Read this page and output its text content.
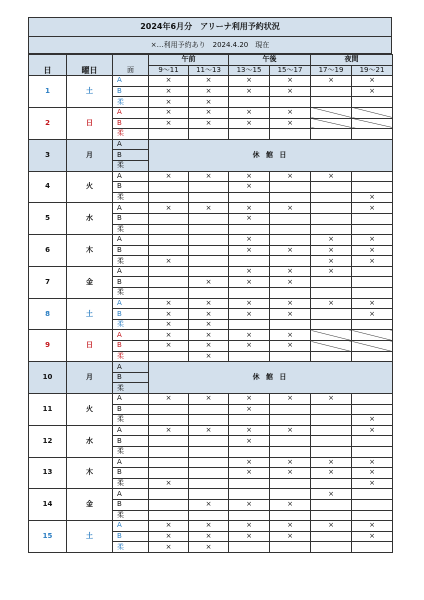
2024年6月分　アリーナ利用予約状況
×…利用予約あり　2024.4.20　現在
			午前		午後		夜間	
日	曜日	面	9～11	11～13	13～15	15～17	17～19	19～21
1	土	A	×	×	×	×	×	×
		B	×	×	×	×		×
		柔	×	×				
2	日	A	×	×	×	×		
		B	×	×	×	×		
		柔						
3	月	A	休 館 日					
		B						
		柔						
4	火	A	×	×	×	×	×	
		B			×			
		柔						×
5	水	A	×	×	×	×		×
		B			×			
		柔						
6	木	A			×		×	×
		B			×	×	×	×
		柔	×				×	×
7	金	A			×	×	×	
		B		×	×	×		
		柔						
8	土	A	×	×	×	×	×	×
		B	×	×	×	×		×
		柔	×	×				
9	日	A	×	×	×	×		
		B	×	×	×	×		
		柔		×				
10	月	A	休 館 日					
		B						
		柔						
11	火	A	×	×	×	×	×	
		B			×			
		柔						×
12	水	A	×	×	×	×		×
		B			×			
		柔						
13	木	A			×	×	×	×
		B			×	×	×	×
		柔	×					×
14	金	A					×	
		B		×	×	×		
		柔						
15	土	A	×	×	×	×	×	×
		B	×	×	×	×		×
		柔	×	×				
